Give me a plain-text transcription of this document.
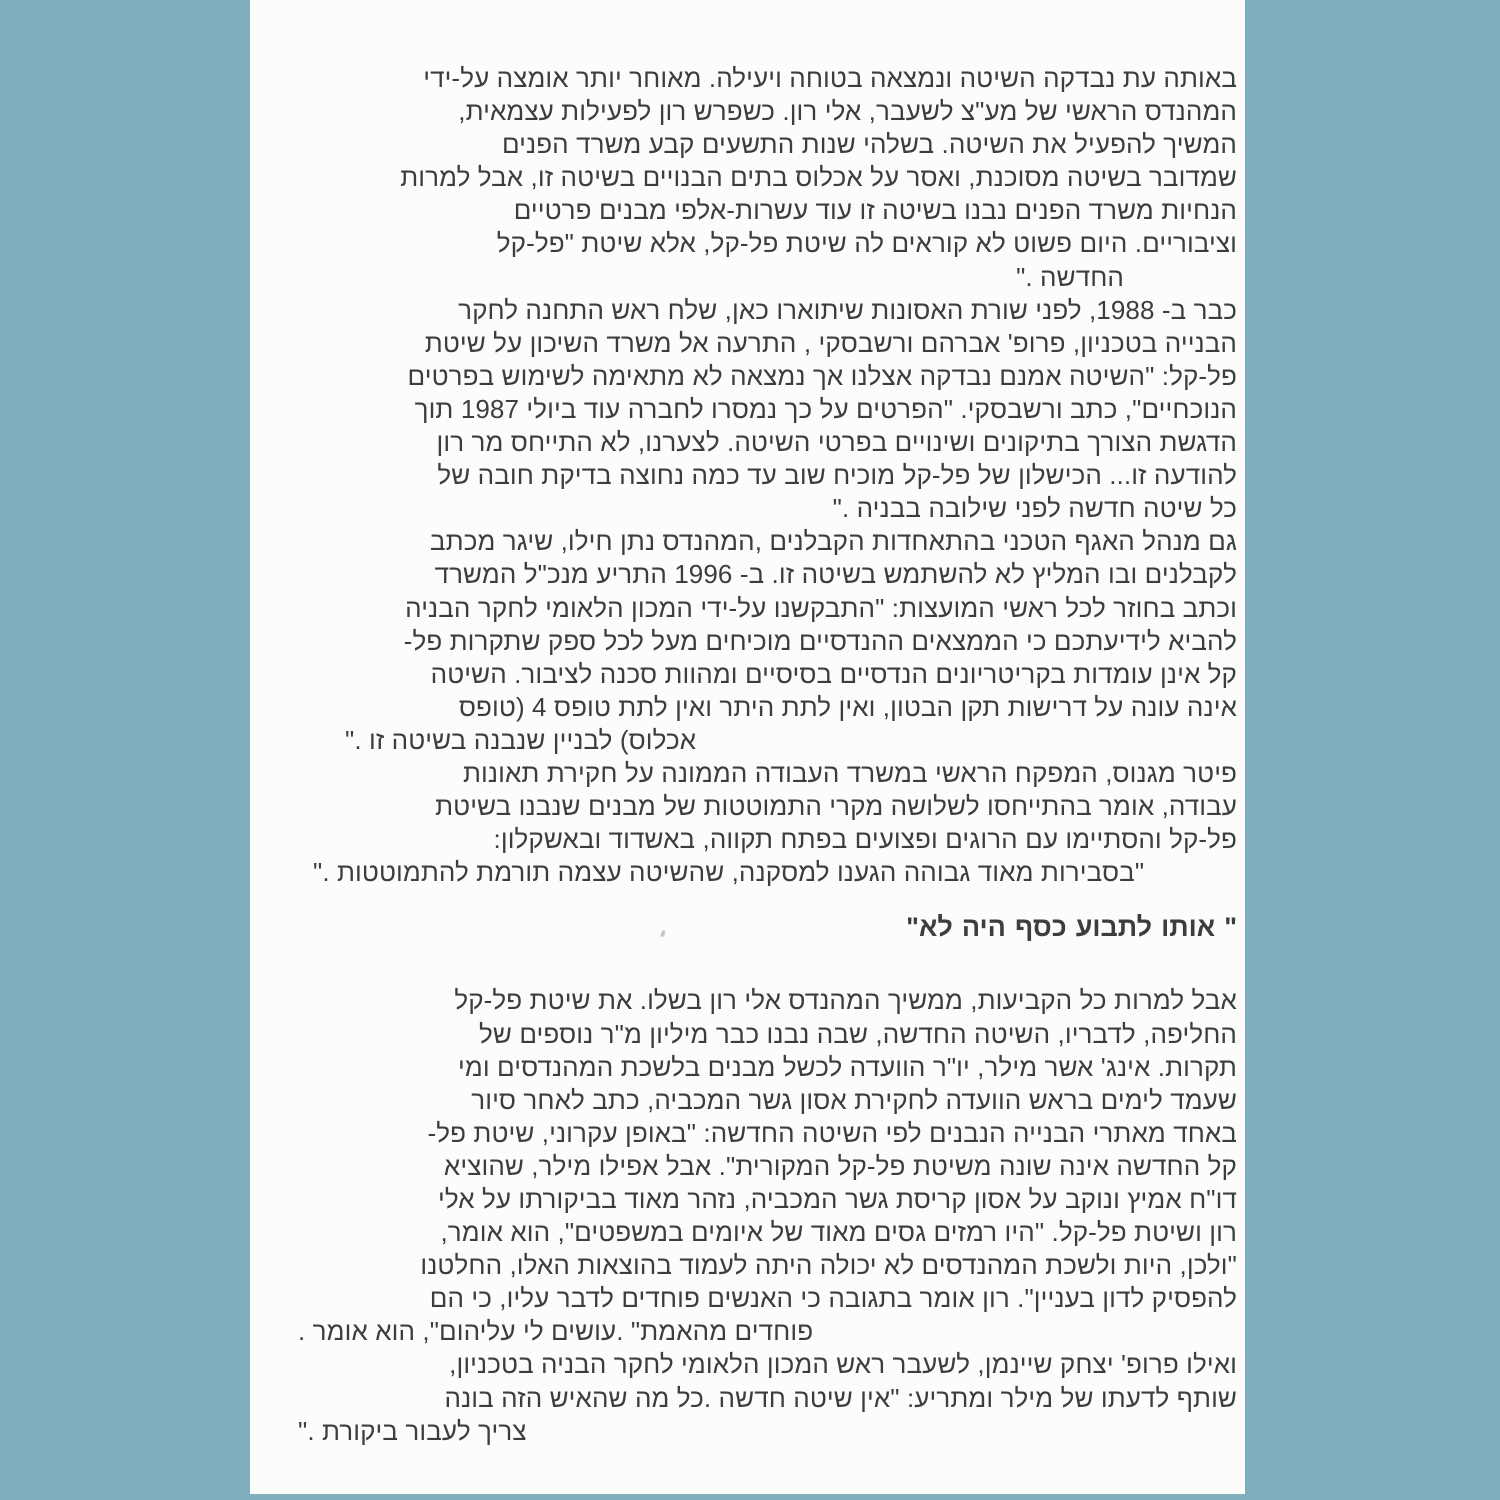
באותה עת נבדקה השיטה ונמצאה בטוחה ויעילה. מאוחר יותר אומצה על-ידי
המהנדס הראשי של מע"צ לשעבר, אלי רון. כשפרש רון לפעילות עצמאית,
המשיך להפעיל את השיטה. בשלהי שנות התשעים קבע משרד הפנים
שמדובר בשיטה מסוכנת, ואסר על אכלוס בתים הבנויים בשיטה זו, אבל למרות
הנחיות משרד הפנים נבנו בשיטה זו עוד עשרות-אלפי מבנים פרטיים
וציבוריים. היום פשוט לא קוראים לה שיטת פל-קל, אלא שיטת "פל-קל
החדשה ."
כבר ב- 1988, לפני שורת האסונות שיתוארו כאן, שלח ראש התחנה לחקר
הבנייה בטכניון, פרופ' אברהם ורשבסקי , התרעה אל משרד השיכון על שיטת
פל-קל: "השיטה אמנם נבדקה אצלנו אך נמצאה לא מתאימה לשימוש בפרטים
הנוכחיים", כתב ורשבסקי. "הפרטים על כך נמסרו לחברה עוד ביולי 1987 תוך
הדגשת הצורך בתיקונים ושינויים בפרטי השיטה. לצערנו, לא התייחס מר רון
להודעה זו... הכישלון של פל-קל מוכיח שוב עד כמה נחוצה בדיקת חובה של
כל שיטה חדשה לפני שילובה בבניה ."
גם מנהל האגף הטכני בהתאחדות הקבלנים ,המהנדס נתן חילו, שיגר מכתב
לקבלנים ובו המליץ לא להשתמש בשיטה זו. ב- 1996 התריע מנכ"ל המשרד
וכתב בחוזר לכל ראשי המועצות: "התבקשנו על-ידי המכון הלאומי לחקר הבניה
להביא לידיעתכם כי הממצאים ההנדסיים מוכיחים מעל לכל ספק שתקרות פל-
קל אינן עומדות בקריטריונים הנדסיים בסיסיים ומהוות סכנה לציבור. השיטה
אינה עונה על דרישות תקן הבטון, ואין לתת היתר ואין לתת טופס 4 (טופס
אכלוס) לבניין שנבנה בשיטה זו ."
פיטר מגנוס, המפקח הראשי במשרד העבודה הממונה על חקירת תאונות
עבודה, אומר בהתייחסו לשלושה מקרי התמוטטות של מבנים שנבנו בשיטת
פל-קל והסתיימו עם הרוגים ופצועים בפתח תקווה, באשדוד ובאשקלון:
"בסבירות מאוד גבוהה הגענו למסקנה, שהשיטה עצמה תורמת להתמוטטות ."
"לא היה כסף לתבוע אותו "
אבל למרות כל הקביעות, ממשיך המהנדס אלי רון בשלו. את שיטת פל-קל
החליפה, לדבריו, השיטה החדשה, שבה נבנו כבר מיליון מ"ר נוספים של
תקרות. אינג' אשר מילר, יו"ר הוועדה לכשל מבנים בלשכת המהנדסים ומי
שעמד לימים בראש הוועדה לחקירת אסון גשר המכביה, כתב לאחר סיור
באחד מאתרי הבנייה הנבנים לפי השיטה החדשה: "באופן עקרוני, שיטת פל-
קל החדשה אינה שונה משיטת פל-קל המקורית". אבל אפילו מילר, שהוציא
דו"ח אמיץ ונוקב על אסון קריסת גשר המכביה, נזהר מאוד בביקורתו על אלי
רון ושיטת פל-קל. "היו רמזים גסים מאוד של איומים במשפטים", הוא אומר,
"ולכן, היות ולשכת המהנדסים לא יכולה היתה לעמוד בהוצאות האלו, החלטנו
להפסיק לדון בעניין". רון אומר בתגובה כי האנשים פוחדים לדבר עליו, כי הם
פוחדים מהאמת" .עושים לי עליהום", הוא אומר .
ואילו פרופ' יצחק שיינמן, לשעבר ראש המכון הלאומי לחקר הבניה בטכניון,
שותף לדעתו של מילר ומתריע: "אין שיטה חדשה .כל מה שהאיש הזה בונה
צריך לעבור ביקורת ."
